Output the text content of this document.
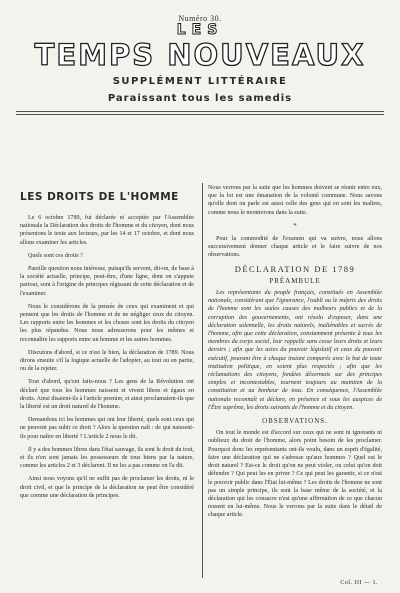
Numéro 30.
LES
TEMPS NOUVEAUX
SUPPLÉMENT LITTÉRAIRE
Paraissant tous les samedis
LES DROITS DE L'HOMME

Le 6 octobre 1789, fut déclarée et acceptée par l'Assemblée nationale la Déclaration des droits de l'homme et du citoyen, dont nous présentons le texte aux lecteurs, par les 14 et 17 octobre, et dont nous allons examiner les articles.

Quels sont ces droits ?

Pareille question nous intéresse, puisqu'ils servent, dit-on, de base à la société actuelle, principe, peut-être, d'une ligne, dont on s'appuie partout, sont à l'origine de principes régissant de cette déclaration et de l'examiner.

Nous le considérons de la pensée de ceux qui examinent et qui pensent que les droits de l'homme et de ne négliger ceux du citoyen. Les rapports entre les hommes et les choses sont les droits du citoyen les plus répandus. Nous nous adresserons pour les mêmes et reconnaître les rapports entre un homme et les autres hommes.

Discutons d'abord, si ce n'est le bien, la déclaration de 1789. Nous dirons ensuite s'il la logique actuelle de l'adopter, au tout ou en partie, ou de la rejeter.

Tout d'abord, qu'ont faits-nous ? Les gens de la Révolution ont déclaré que tous les hommes naissent et vivent libres et égaux en droits. Ainsi disaient-ils à l'article premier, et ainsi proclamaient-ils que la liberté est un droit naturel de l'homme.

Demandons ici les hommes qui ont leur liberté, quels sont ceux qui ne peuvent pas subir ce droit ? Alors la question naît : de qui naissent-ils pour naître en liberté ? L'article 2 nous le dit.

Il y a des hommes libres dans l'état sauvage, ils sont le droit du tout, et ils n'en sont jamais les possesseurs de tous biens par la nature, comme les articles 2 et 3 déclarent. Il ne les a pas comme on l'a dit.

Ainsi nous voyons qu'il ne suffit pas de proclamer les droits, ni le droit civil, et que le principe de la déclaration ne peut être considéré que comme une déclaration de principes.

Nous verrons par la suite que les hommes doivent se réunir entre eux, que la loi est une émanation de la volonté commune. Nous savons qu'elle dont on parle est aussi celle des gens qui en sont les maîtres, comme nous le montrerons dans la suite.

*

Pour la commodité de l'examen qui va suivre, nous allons successivement donner chaque article et le faire suivre de nos observations.

DÉCLARATION DE 1789
PRÉAMBULE

Les représentants du peuple français, constitués en Assemblée nationale, considérant que l'ignorance, l'oubli ou le mépris des droits de l'homme sont les seules causes des malheurs publics et de la corruption des gouvernements, ont résolu d'exposer, dans une déclaration solennelle, les droits naturels, inaliénables et sacrés de l'homme, afin que cette déclaration, constamment présente à tous les membres du corps social, leur rappelle sans cesse leurs droits et leurs devoirs ; afin que les actes du pouvoir législatif et ceux du pouvoir exécutif, pouvant être à chaque instant comparés avec le but de toute institution politique, en soient plus respectés ; afin que les réclamations des citoyens, fondées désormais sur des principes simples et incontestables, tournent toujours au maintien de la constitution et au bonheur de tous. En conséquence, l'Assemblée nationale reconnaît et déclare, en présence et sous les auspices de l'Être suprême, les droits suivants de l'homme et du citoyen.

OBSERVATIONS.

On tout le monde est d'accord sur ceux qui ne sont ni ignorants ni oublieux du droit de l'homme, alors point besoin de les proclamer. Pourquoi donc les représentants ont-ils voulu, dans un esprit d'égalité, faire une déclaration qui ne s'adresse qu'aux hommes ? Quel est le droit naturel ? Est-ce le droit qu'on ne peut violer, ou celui qu'on doit défendre ? Qui peut les en priver ? Ce qui peut les garantir, si ce n'est le pouvoir public dans l'État lui-même ? Les droits de l'homme ne sont pas un simple principe, ils sont la base même de la société, et la déclaration qui les consacre n'est qu'une affirmation de ce que chacun ressent en lui-même. Nous le verrons par la suite dans le détail de chaque article.

Col. III — 1.
